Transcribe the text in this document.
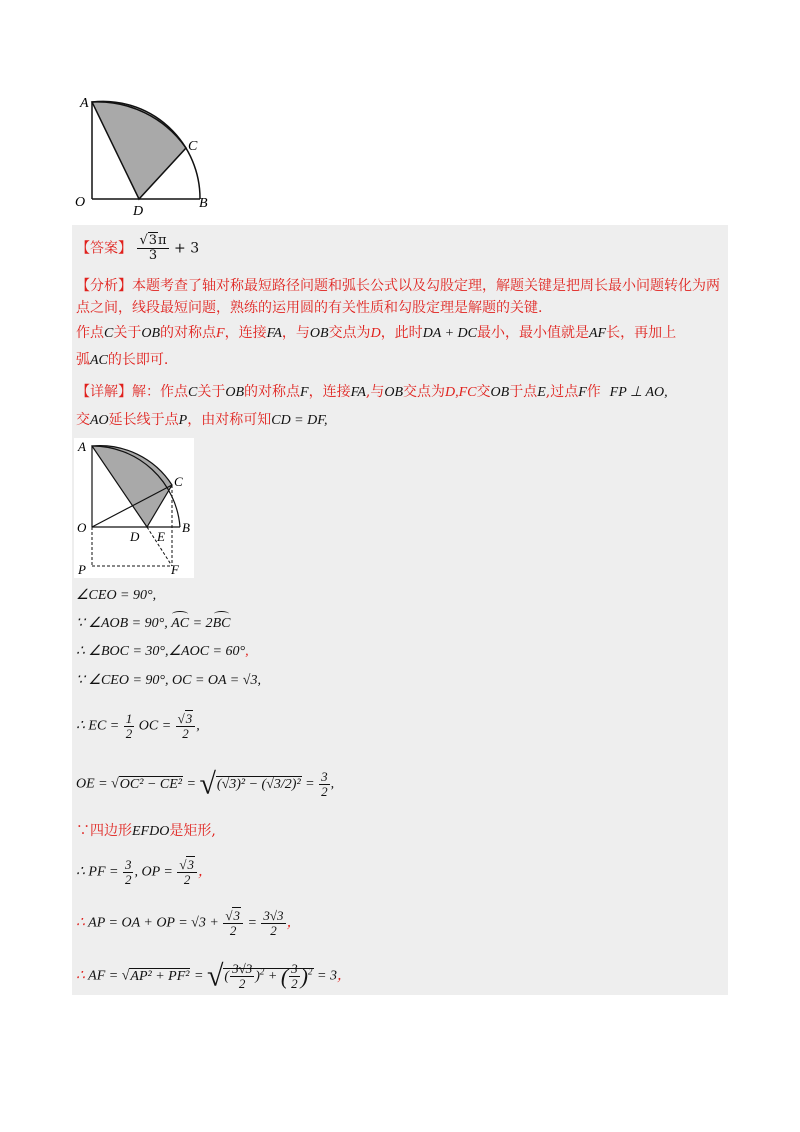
A
C
O
D
B
【答案】 $\frac{√3\pi}{3} + 3$
【分析】本题考查了轴对称最短路径问题和弧长公式以及勾股定理，解题关键是把周长最小问题转化为两
点之间，线段最短问题，熟练的运用圆的有关性质和勾股定理是解题的关键.
作点C关于OB的对称点F，连接FA，与OB交点为D，此时DA + DC最小，最小值就是AF长，再加上
弧AC的长即可.
【详解】解：作点C关于OB的对称点F，连接FA,与OB交点为D,FC交OB于点E,过点F作 FP ⊥ AO,
交AO延长线于点P，由对称可知CD = DF,
A
C
O
D E
B
P	F
∠CEO = 90°,
∵ ∠AOB = 90°, AC = 2BC
∴ ∠BOC = 30°,∠AOC = 60°,
∵ ∠CEO = 90°, OC = OA = √3,
∴ EC = $\frac{1}{2}$ OC = $\frac{√3}{2}$ ,
OE = $√OC^2 - CE^2 = √(√3)^2 - (√3/2)^2 = \frac{3}{2}$ ,
∵四边形EFDO是矩形,
∴ PF = $\frac{3}{2}$ , OP = $\frac{√3}{2}$ ，
∴ AP = OA + OP = $√3 + \frac{√3}{2} = \frac{3√3}{2}$ ，
∴ AF = √AP² + PF² = √( $\frac{3√3}{2} )^2$ + ( $\frac{3}{2} )^2 = 3$，
